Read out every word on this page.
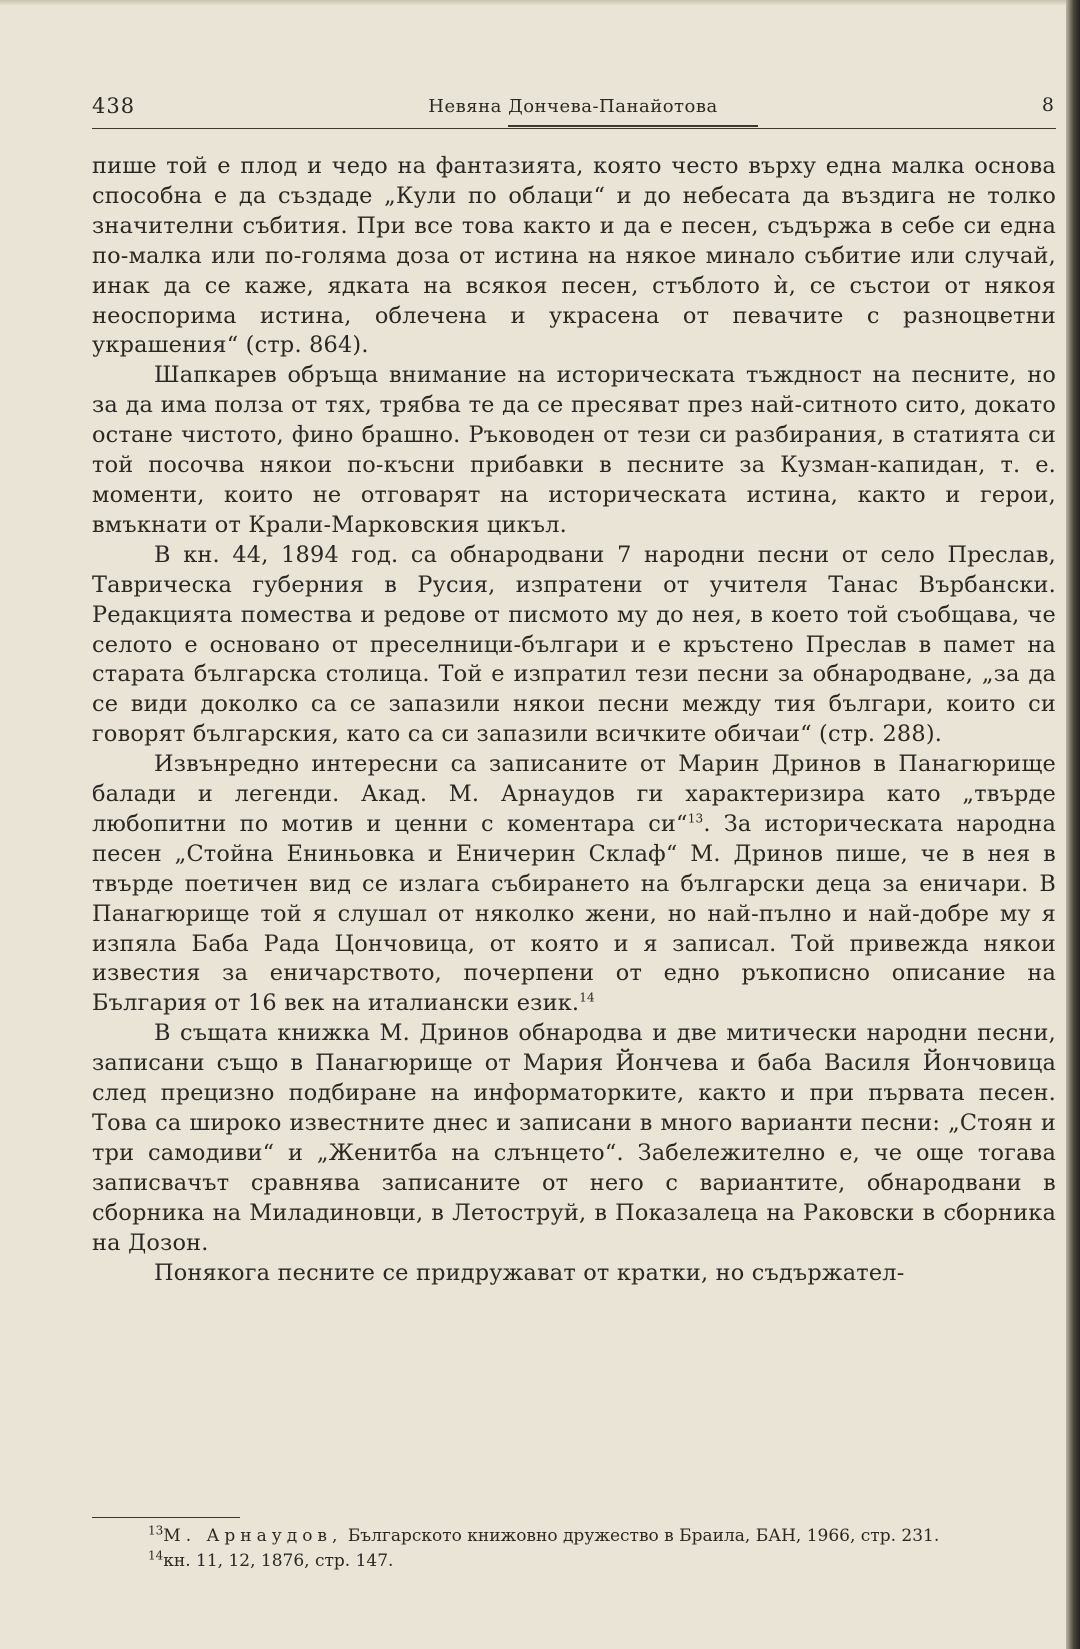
438	Невяна Дончева-Панайотова	8

пише той е плод и чедо на фантазията, която често върху една малка основа способна е да създаде „Кули по облаци“ и до небесата да въздига не толко значителни събития. При все това както и да е песен, съдържа в себе си една по-малка или по-голяма доза от истина на някое минало събитие или случай, инак да се каже, ядката на всякоя песен, стъблото ѝ, се състои от някоя неоспорима истина, облечена и украсена от певачите с разноцветни украшения“ (стр. 864).

Шапкарев обръща внимание на историческата тъждност на песните, но за да има полза от тях, трябва те да се пресяват през най-ситното сито, докато остане чистото, фино брашно. Ръководен от тези си разбирания, в статията си той посочва някои по-късни прибавки в песните за Кузман-капидан, т. е. моменти, които не отговарят на историческата истина, както и герои, вмъкнати от Крали-Марковския цикъл.

В кн. 44, 1894 год. са обнародвани 7 народни песни от село Преслав, Таврическа губерния в Русия, изпратени от учителя Танас Върбански. Редакцията помества и редове от писмото му до нея, в което той съобщава, че селото е основано от преселници-българи и е кръстено Преслав в памет на старата българска столица. Той е изпратил тези песни за обнародване, „за да се види доколко са се запазили някои песни между тия българи, които си говорят българския, като са си запазили всичките обичаи“ (стр. 288).

Извънредно интересни са записаните от Марин Дринов в Панагюрище балади и легенди. Акад. М. Арнаудов ги характеризира като „твърде любопитни по мотив и ценни с коментара си“$^{13}$. За историческата народна песен „Стойна Ениньовка и Еничерин Склаф“ М. Дринов пише, че в нея в твърде поетичен вид се излага събирането на български деца за еничари. В Панагюрище той я слушал от няколко жени, но най-пълно и най-добре му я изпяла Баба Рада Цончовица, от която и я записал. Той привежда някои известия за еничарството, почерпени от едно ръкописно описание на България от 16 век на италиански език.$^{14}$

В същата книжка М. Дринов обнародва и две митически народни песни, записани също в Панагюрище от Мария Йончева и баба Василя Йончовица след прецизно подбиране на информаторките, както и при първата песен. Това са широко известните днес и записани в много варианти песни: „Стоян и три самодиви“ и „Женитба на слънцето“. Забележително е, че още тогава записвачът сравнява записаните от него с вариантите, обнародвани в сборника на Миладиновци, в Летоструй, в Показалеца на Раковски в сборника на Дозон.

Понякога песните се придружават от кратки, но съдържател-

$^{13}$М. Арнаудов, Българското книжовно дружество в Браила, БАН, 1966, стр. 231.

$^{14}$кн. 11, 12, 1876, стр. 147.
